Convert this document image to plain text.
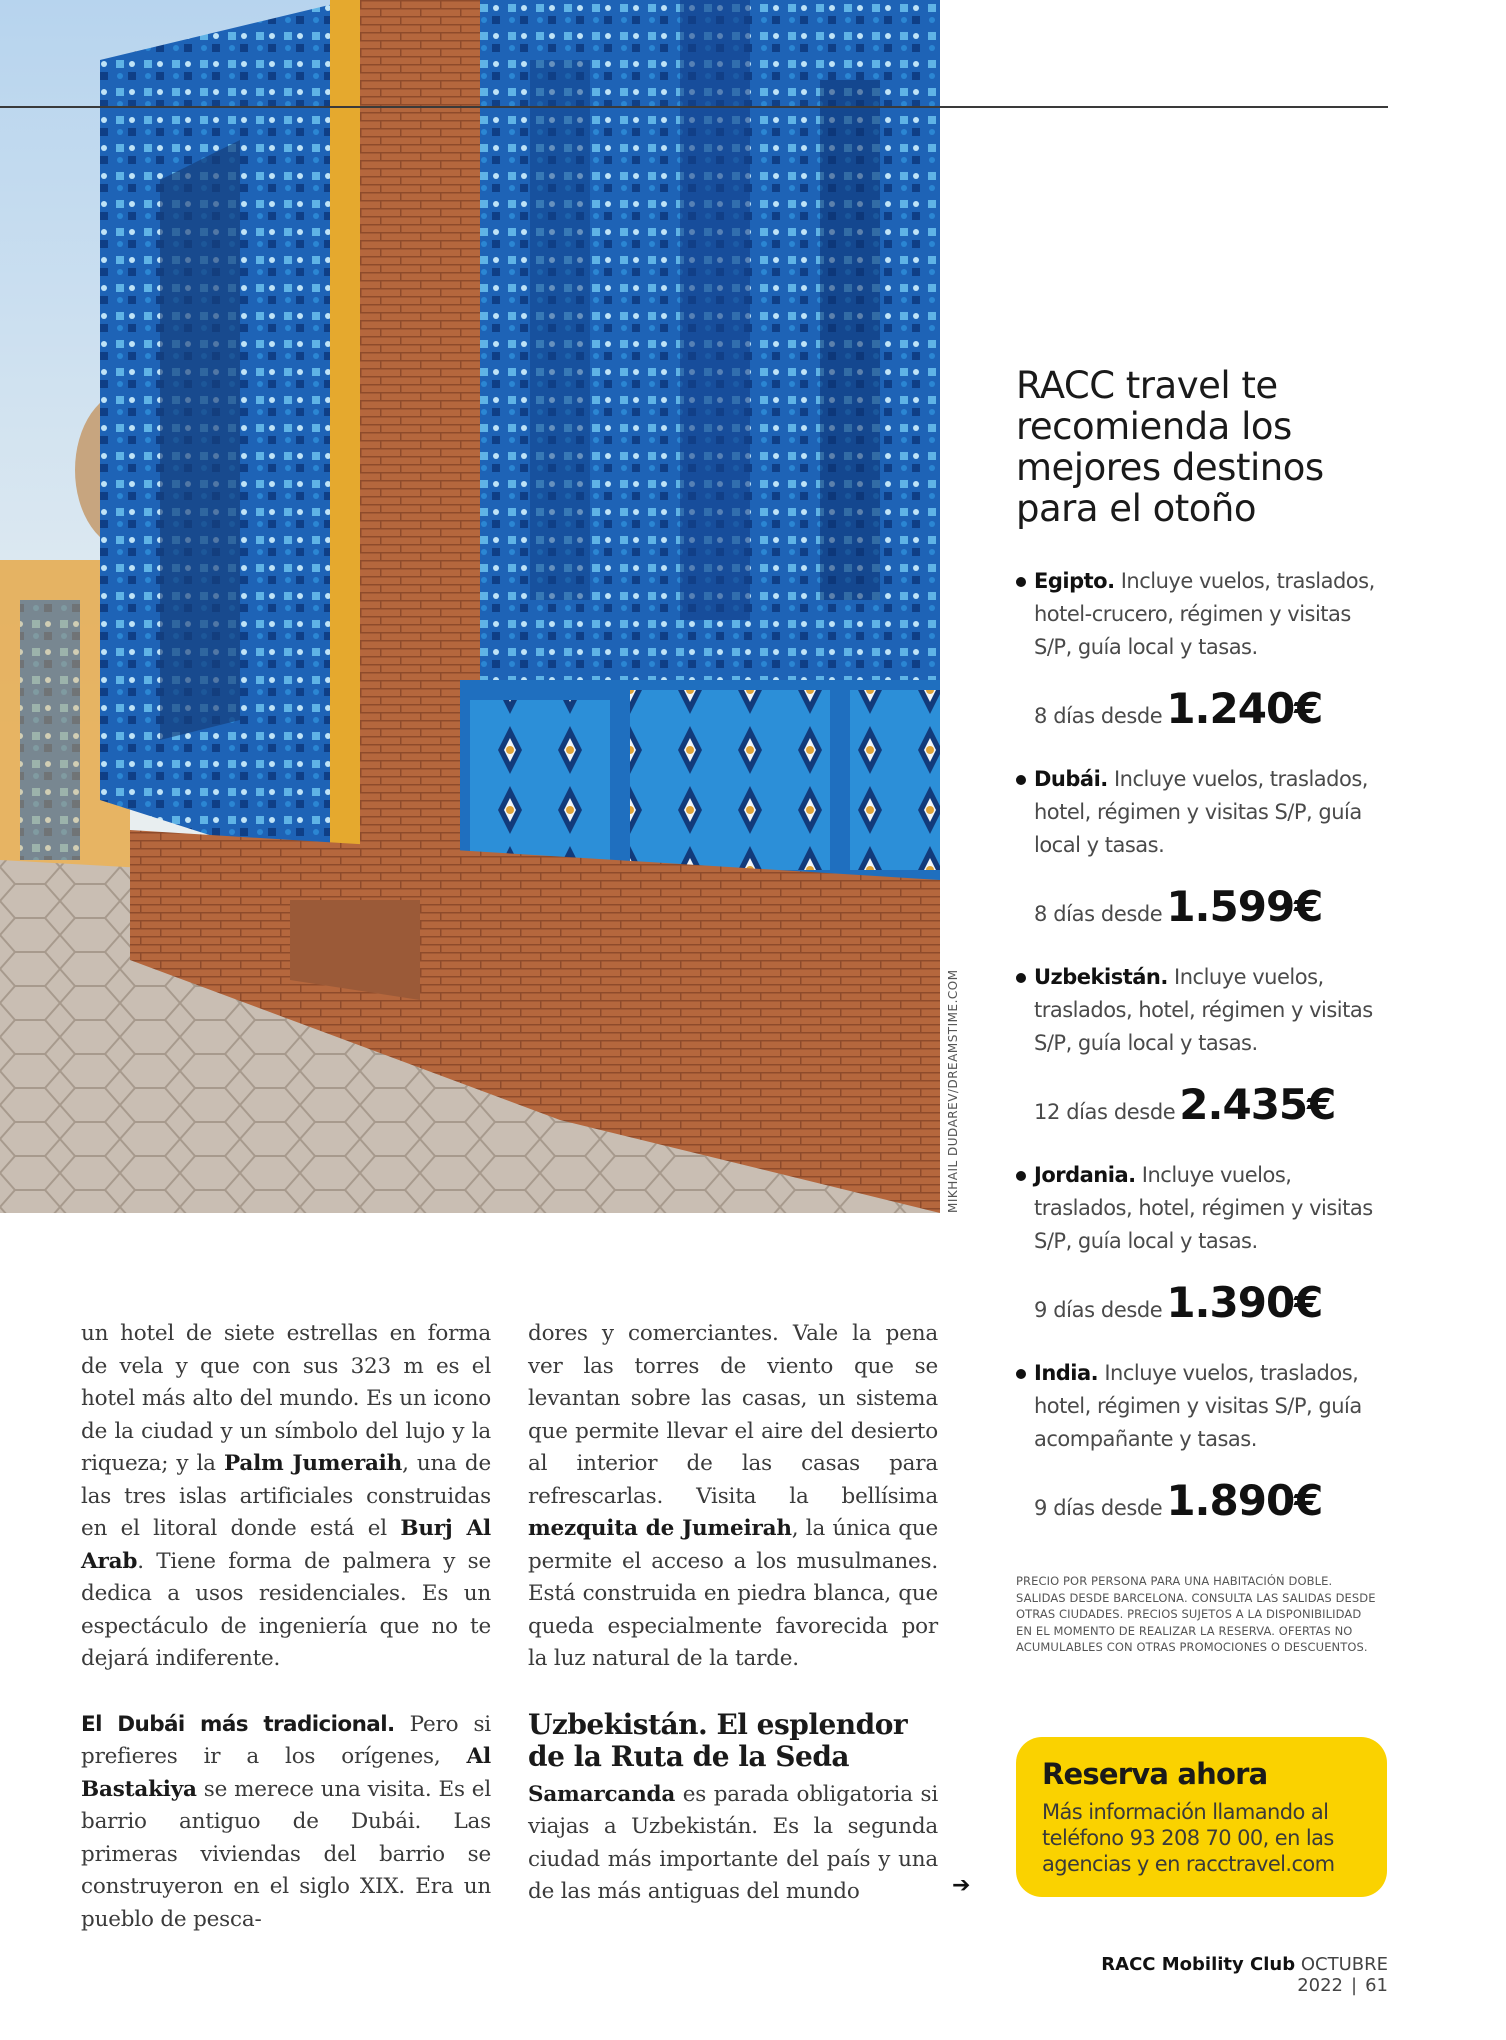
MIKHAIL DUDAREV/DREAMSTIME.COM
RACC travel te recomienda los mejores destinos para el otoño
Egipto. Incluye vuelos, traslados, hotel-crucero, régimen y visitas S/P, guía local y tasas.
8 días desde1.240€
Dubái. Incluye vuelos, traslados, hotel, régimen y visitas S/P, guía local y tasas.
8 días desde1.599€
Uzbekistán. Incluye vuelos, traslados, hotel, régimen y visitas S/P, guía local y tasas.
12 días desde2.435€
Jordania. Incluye vuelos, traslados, hotel, régimen y visitas S/P, guía local y tasas.
9 días desde1.390€
India. Incluye vuelos, traslados, hotel, régimen y visitas S/P, guía acompañante y tasas.
9 días desde1.890€
PRECIO POR PERSONA PARA UNA HABITACIÓN DOBLE. SALIDAS DESDE BARCELONA. CONSULTA LAS SALIDAS DESDE OTRAS CIUDADES. PRECIOS SUJETOS A LA DISPONIBILIDAD EN EL MOMENTO DE REALIZAR LA RESERVA. OFERTAS NO ACUMULABLES CON OTRAS PROMOCIONES O DESCUENTOS.
Reserva ahora
Más información llamando al teléfono 93 208 70 00, en las agencias y en racctravel.com

un hotel de siete estrellas en forma de vela y que con sus 323 m es el hotel más alto del mundo. Es un icono de la ciudad y un símbolo del lujo y la riqueza; y la Palm Jumeraih, una de las tres islas artificiales construidas en el litoral donde está el Burj Al Arab. Tiene forma de palmera y se dedica a usos residenciales. Es un espectáculo de ingeniería que no te dejará indiferente.

El Dubái más tradicional. Pero si prefieres ir a los orígenes, Al Bastakiya se merece una visita. Es el barrio antiguo de Dubái. Las primeras viviendas del barrio se construyeron en el siglo XIX. Era un pueblo de pesca-

dores y comerciantes. Vale la pena ver las torres de viento que se levantan sobre las casas, un sistema que permite llevar el aire del desierto al interior de las casas para refrescarlas. Visita la bellísima mezquita de Jumeirah, la única que permite el acceso a los musulmanes. Está construida en piedra blanca, que queda especialmente favorecida por la luz natural de la tarde.

Uzbekistán. El esplendor de la Ruta de la Seda

Samarcanda es parada obligatoria si viajas a Uzbekistán. Es la segunda ciudad más importante del país y una de las más antiguas del mundo	➔
RACC Mobility Club OCTUBRE 2022 | 61
